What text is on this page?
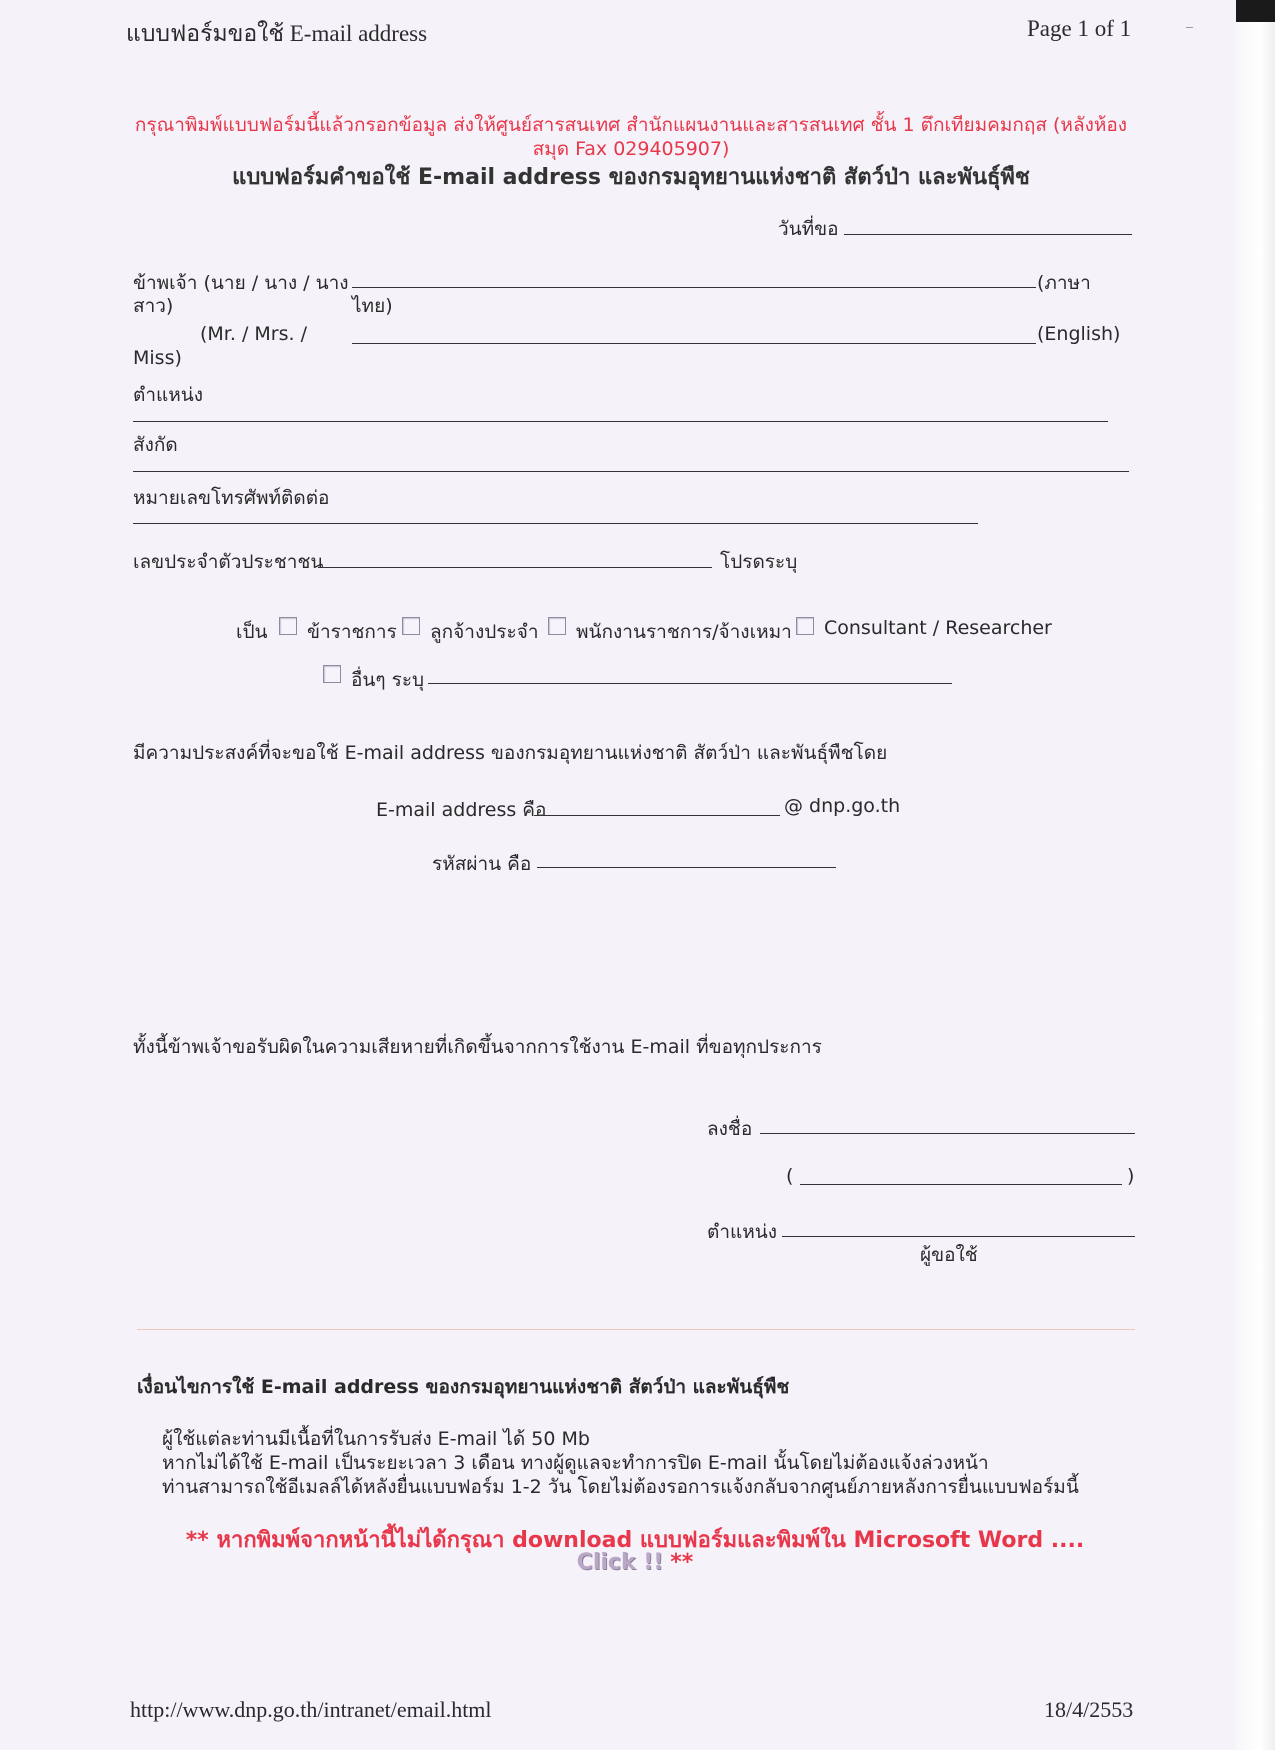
แบบฟอร์มขอใช้ E-mail address	Page 1 of 1
กรุณาพิมพ์แบบฟอร์มนี้แล้วกรอกข้อมูล ส่งให้ศูนย์สารสนเทศ สำนักแผนงานและสารสนเทศ ชั้น 1 ตึกเทียมคมกฤส (หลังห้อง
สมุด Fax 029405907)
แบบฟอร์มคำขอใช้ E-mail address ของกรมอุทยานแห่งชาติ สัตว์ป่า และพันธุ์พืช
วันที่ขอ
ข้าพเจ้า (นาย / นาง / นาง
สาว)
(ภาษา
ไทย)
(Mr. / Mrs. /
Miss)
(English)
ตำแหน่ง
สังกัด
หมายเลขโทรศัพท์ติดต่อ
เลขประจำตัวประชาชน	โปรดระบุ
เป็น ข้าราชการ ลูกจ้างประจำ พนักงานราชการ/จ้างเหมา Consultant / Researcher
อื่นๆ ระบุ
มีความประสงค์ที่จะขอใช้ E-mail address ของกรมอุทยานแห่งชาติ สัตว์ป่า และพันธุ์พืชโดย
E-mail address คือ	@ dnp.go.th
รหัสผ่าน คือ
ทั้งนี้ข้าพเจ้าขอรับผิดในความเสียหายที่เกิดขึ้นจากการใช้งาน E-mail ที่ขอทุกประการ
ลงชื่อ
(	)
ตำแหน่ง
ผู้ขอใช้
เงื่อนไขการใช้ E-mail address ของกรมอุทยานแห่งชาติ สัตว์ป่า และพันธุ์พืช
ผู้ใช้แต่ละท่านมีเนื้อที่ในการรับส่ง E-mail ได้ 50 Mb
หากไม่ได้ใช้ E-mail เป็นระยะเวลา 3 เดือน ทางผู้ดูแลจะทำการปิด E-mail นั้นโดยไม่ต้องแจ้งล่วงหน้า
ท่านสามารถใช้อีเมลล์ได้หลังยื่นแบบฟอร์ม 1-2 วัน โดยไม่ต้องรอการแจ้งกลับจากศูนย์ภายหลังการยื่นแบบฟอร์มนี้
** หากพิมพ์จากหน้านี้ไม่ได้กรุณา download แบบฟอร์มและพิมพ์ใน Microsoft Word ....
Click !! **
http://www.dnp.go.th/intranet/email.html	18/4/2553
